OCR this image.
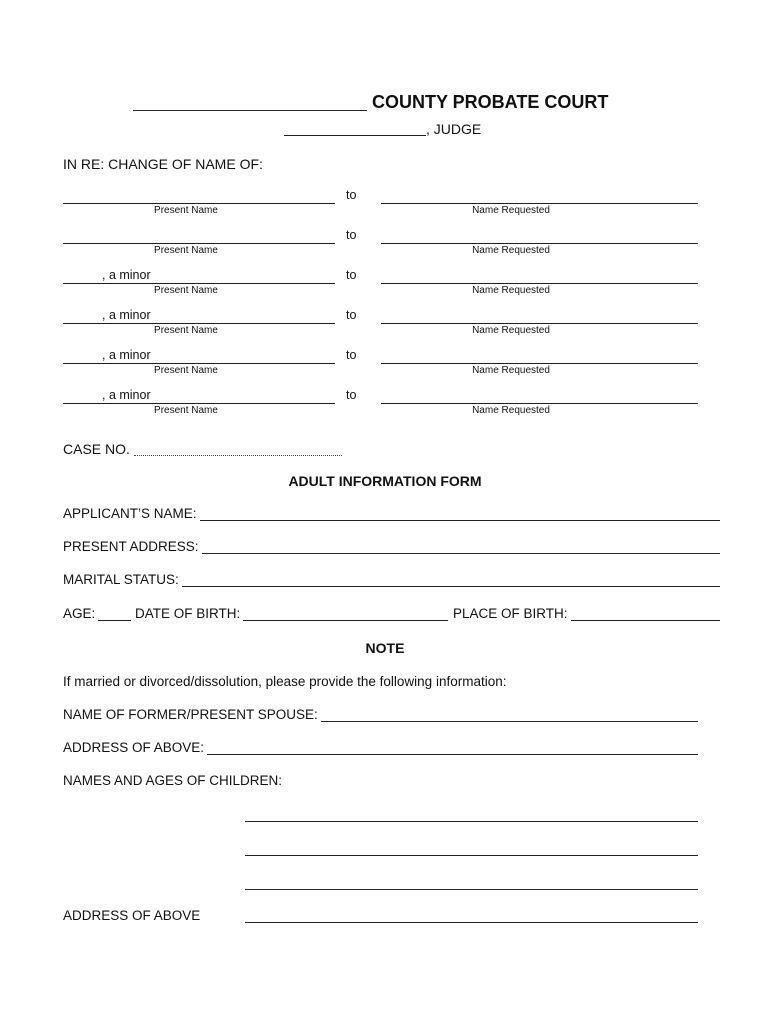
COUNTY PROBATE COURT
, JUDGE
IN RE: CHANGE OF NAME OF:
Present Name
to
Name Requested
Present Name
to
Name Requested
, a minor
Present Name
to
Name Requested
, a minor
Present Name
to
Name Requested
, a minor
Present Name
to
Name Requested
, a minor
Present Name
to
Name Requested
CASE NO.
ADULT INFORMATION FORM
APPLICANT’S NAME:
PRESENT ADDRESS:
MARITAL STATUS:
AGE:	DATE OF BIRTH:	PLACE OF BIRTH:
NOTE
If married or divorced/dissolution, please provide the following information:
NAME OF FORMER/PRESENT SPOUSE:
ADDRESS OF ABOVE:
NAMES AND AGES OF CHILDREN:
ADDRESS OF ABOVE
